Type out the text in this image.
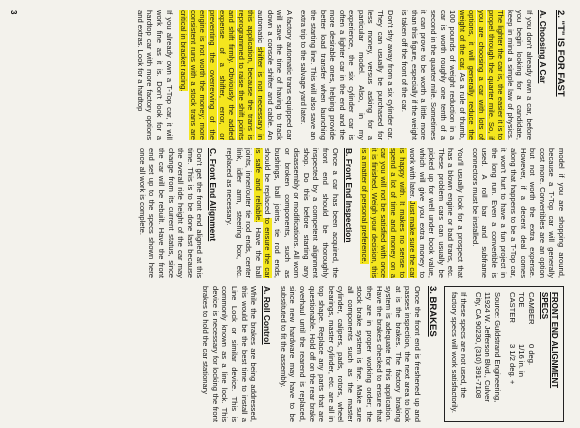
2. "T" IS FOR FAST
A. Choosing A Car

If you don't already own a car, before you begin looking for a candidate, keep in mind a simple law of physics. The lighter the car is, the easier it is to propel through the quarter mile. So, if you are choosing a car with lots of options, it will generally reduce the weight of the car. As a rule of thumb, 100 pounds of weight reduction in a car is worth roughly one tenth of a second in the quarter mile. Sometimes it can prove to be worth a little more than this figure, especially if the weight is taken off the front of the car.

Don't shy away from a six cylinder car. They can usually be purchased for less money, versus asking for a particular model. Also, in my experience, the six cylinder car is often a lighter car in the end and the more desirable ones, helping provide better load transfer when launching the starting line. This will also save an extra trip to the salvage yard later.

A factory automatic trans equipped car will save the time of having to track down a console shifter and cable. An automatic shifter is not necessary in this application, because the trans is reprogrammed to raise the shift points and shift firmly. Obviously the added expense of a shifter, error, or preventing the overrevving of the engine is not worth the money; more consistent runs with a stock trans are critical in bracket racing.

If you already own a T-Top car, it will work fine as it is. Don't look for a hardtop car with more factory options and extras. Look for a hardtop

model if you are shopping around, because a T-Top car will generally cost more. Convertibles are an option but not worth the extra expense. However, if a decent deal comes along that happens to be a T-Top car, it won't hurt to have a fun project in the long run. Even a convertible is used. A roll bar and subframe connectors must be installed.

You'll usually look for a prospect that has a blown engine or bad trans, etc. These problem cars can usually be picked up for well under book value, which will give you extra money to work with later. Just make sure the car is happy with. It makes no sense to spend a lot of time and money on a car you will not be satisfied with once it is finished. Weigh your decision, this is a matter of personal preference.

B. Front End Inspection

Once a car has been acquired, the front end should be thoroughly inspected by a competent alignment shop. Do this before starting any disassembly or modifications. All worn or broken components, such as bushings, ball joints, tie rod ends, should be replaced to ensure the car is safe and reliable. Have the ball joints, inner/outer tie rod ends, center link, idler arm, steering box, etc. replaced as necessary.

C. Front End Alignment

Don't get the front end aligned at this time. This is to be done last because the overall ride height of the car may change from its current status, since the car will be rebuilt. Have the front end set up to the specs shown here once all work is complete.

FRONT END ALIGNMENT SPECS
CAMBER
0 deg.
TOE
1/16 in. in
CASTER
3 1/2 deg. +
Source: Guldstrand Engineering, 11924 W. Jefferson Blvd., Culver City, CA 90230, (310) 391-7108
If these specs are not used, the factory specs will work satisfactorily.
3. BRAKES

Once the front end is freshened up and passes inspection, the next area to look at is the brakes. The factory braking system is adequate for this application. Have the brakes checked to ensure that they are in proper working order; the stock brake system is fine. Make sure all components such as the master cylinder, calipers, pads, rotors, wheel bearings, master cylinder, etc. are all in top shape. Replace any parts that are questionable. Hold off on the rear brake overhaul until the rearend is replaced, since new hardware may have to be substituted to fit the assembly.

A. Roll Control

While the brakes are being addressed, this would be the best time to install a Line Lock or similar device. This is commonly known as a line lock. This device is necessary for locking the front brakes to hold the car stationary

3
